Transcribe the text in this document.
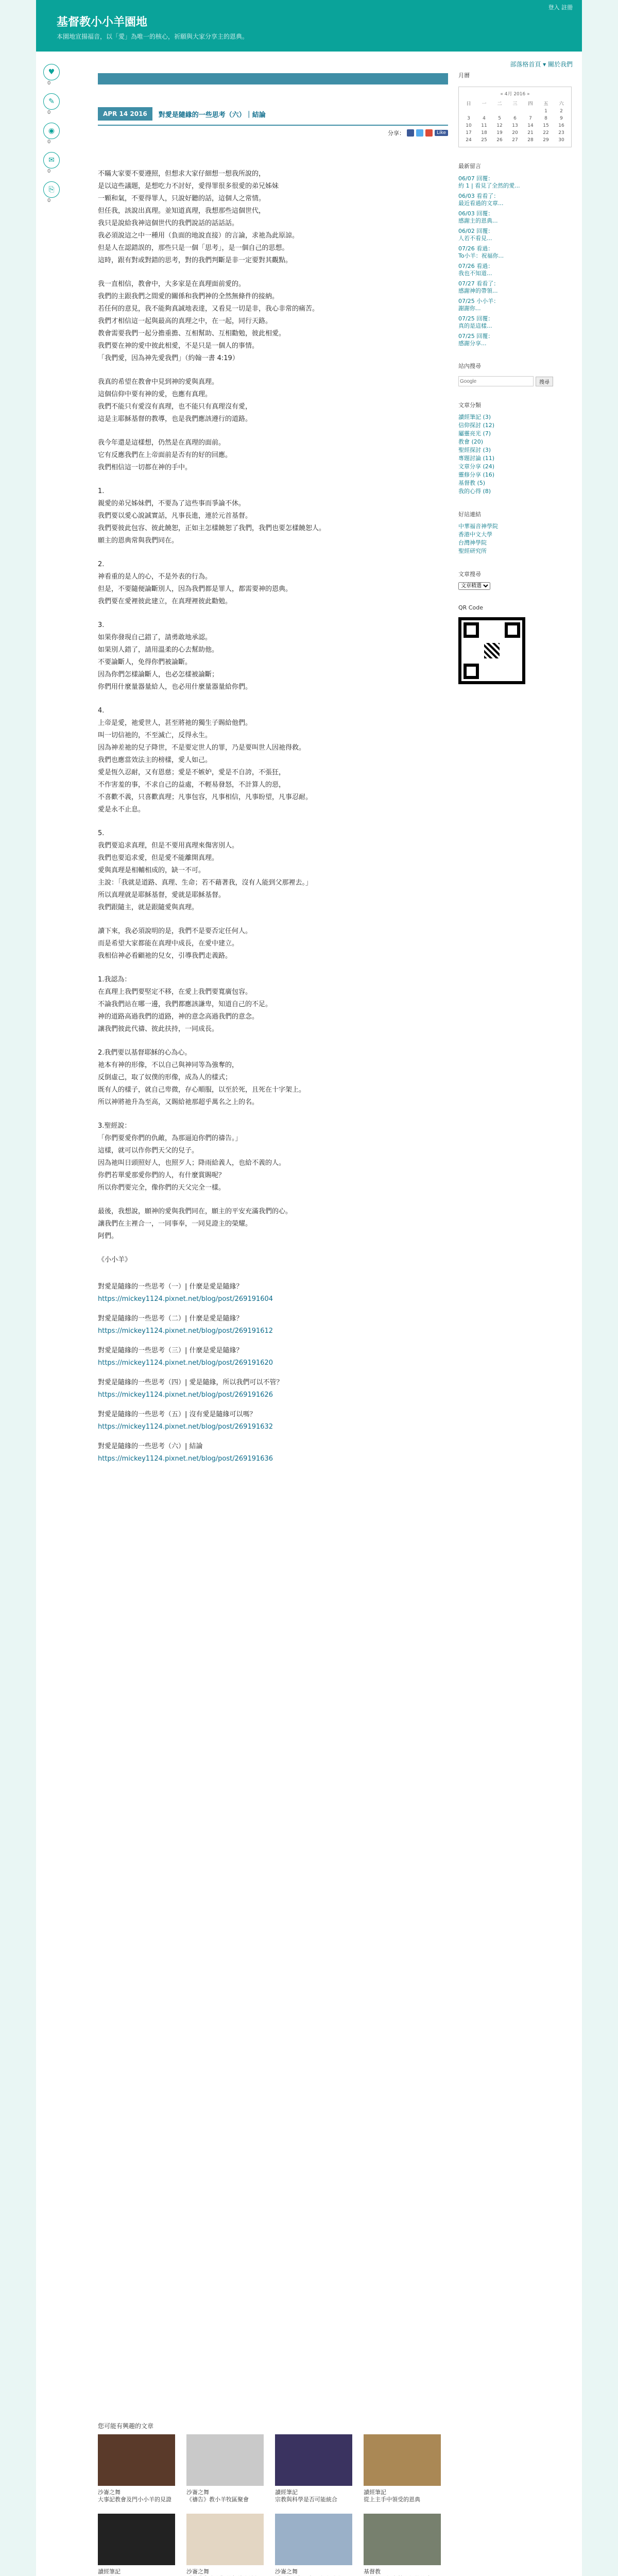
基督教小小羊園地
本園地宣揚福音，以「愛」為唯一的核心，祈願與大家分享主的恩典。
登入 註冊
部落格首頁 ▾ 關於我們
♥
0
✎
0
◉
0
✉
0
⎘
0
APR 14 2016	對愛是隨緣的一些思考（六）｜結論
分享：	Like

不瞞大家要不要遵照，但想求大家仔細想一想我所說的，
是以這些議題，是想吃力不討好，愛得罪很多很愛的弟兄姊妹
一顆和氣，不要得罪人，只說好聽的話，這個人之常情。
但任我，該說出真理。並知道真理，我想那些這個世代，
我只是說給我神這個世代的我們說話的話話話。
我必須說這之中一種用（負面的地說直接）的言論，求祂為此原諒。
但是人在認錯誤的，那些只是一個「思考」，是一個自己的思想。
這時，跟有對或對錯的思考，對的我們判斷是非一定要對其觀點。

我一直相信，教會中，大多家是在真理面前愛的。
我們的主跟我們之間愛的關係和我們神的全然無條件的接納。
若任何的意見，我不能夠真誠地表達，又看見一切是非，我心非常的痛苦。
我們才相信這一起與最高的真理之中，在一起，同行天路。
教會需要我們一起分擔重擔、互相幫助、互相勸勉，彼此相愛。
我們要在神的愛中彼此相愛，不是只是一個人的事情。
「我們愛，因為神先愛我們」（約翰一書 4:19）

我真的希望在教會中見到神的愛與真理。
這個信仰中要有神的愛，也應有真理。
我們不能只有愛沒有真理，也不能只有真理沒有愛，
這是主耶穌基督的教導，也是我們應該遵行的道路。

我今年還是這樣想，仍然是在真理的面前。
它有反應我們在上帝面前是否有的好的回應。
我們相信這一切都在神的手中。

1.
親愛的弟兄姊妹們，不要為了這些事而爭論不休。
我們要以愛心說誠實話，凡事長進，連於元首基督。
我們要彼此包容、彼此饒恕，正如主怎樣饒恕了我們，我們也要怎樣饒恕人。
願主的恩典常與我們同在。

2.
神看重的是人的心，不是外表的行為。
但是，不要隨便論斷別人，因為我們都是罪人，都需要神的恩典。
我們要在愛裡彼此建立，在真理裡彼此勸勉。

3.
如果你發現自己錯了，請勇敢地承認。
如果別人錯了，請用溫柔的心去幫助他。
不要論斷人，免得你們被論斷。
因為你們怎樣論斷人，也必怎樣被論斷；
你們用什麼量器量給人，也必用什麼量器量給你們。

4.
上帝是愛，祂愛世人，甚至將祂的獨生子賜給他們。
叫一切信祂的，不至滅亡，反得永生。
因為神差祂的兒子降世，不是要定世人的罪，乃是要叫世人因祂得救。
我們也應當效法主的榜樣，愛人如己。
愛是恆久忍耐，又有恩慈；愛是不嫉妒，愛是不自誇，不張狂，
不作害羞的事，不求自己的益處，不輕易發怒，不計算人的惡，
不喜歡不義，只喜歡真理；凡事包容，凡事相信，凡事盼望，凡事忍耐。
愛是永不止息。

5.
我們要追求真理，但是不要用真理來傷害別人。
我們也要追求愛，但是愛不能離開真理。
愛與真理是相輔相成的，缺一不可。
主說：「我就是道路、真理、生命；若不藉著我，沒有人能到父那裡去。」
所以真理就是耶穌基督，愛就是耶穌基督。
我們跟隨主，就是跟隨愛與真理。

讀下來，我必須說明的是，我們不是要否定任何人。
而是希望大家都能在真理中成長，在愛中建立。
我相信神必看顧祂的兒女，引導我們走義路。

1.我認為：
在真理上我們要堅定不移，在愛上我們要寬廣包容。
不論我們站在哪一邊，我們都應該謙卑，知道自己的不足。
神的道路高過我們的道路，神的意念高過我們的意念。
讓我們彼此代禱、彼此扶持，一同成長。

2.我們要以基督耶穌的心為心。
祂本有神的形像，不以自己與神同等為強奪的，
反倒虛己，取了奴僕的形像，成為人的樣式；
既有人的樣子，就自己卑微，存心順服，以至於死，且死在十字架上。
所以神將祂升為至高，又賜給祂那超乎萬名之上的名。

3.聖經說：
「你們要愛你們的仇敵，為那逼迫你們的禱告。」
這樣，就可以作你們天父的兒子。
因為祂叫日頭照好人，也照歹人；降雨給義人，也給不義的人。
你們若單愛那愛你們的人，有什麼賞賜呢？
所以你們要完全，像你們的天父完全一樣。

最後，我想說，願神的愛與我們同在，願主的平安充滿我們的心。
讓我們在主裡合一，一同事奉，一同見證主的榮耀。
阿們。

《小小羊》

對愛是隨緣的一些思考（一）| 什麼是愛是隨緣？
https://mickey1124.pixnet.net/blog/post/269191604
對愛是隨緣的一些思考（二）| 什麼是愛是隨緣？
https://mickey1124.pixnet.net/blog/post/269191612
對愛是隨緣的一些思考（三）| 什麼是愛是隨緣？
https://mickey1124.pixnet.net/blog/post/269191620
對愛是隨緣的一些思考（四）| 愛是隨緣，所以我們可以不管？
https://mickey1124.pixnet.net/blog/post/269191626
對愛是隨緣的一些思考（五）| 沒有愛是隨緣可以嗎？
https://mickey1124.pixnet.net/blog/post/269191632
對愛是隨緣的一些思考（六）| 結論
https://mickey1124.pixnet.net/blog/post/269191636
您可能有興趣的文章
沙崙之舞
大事記教會及門小小羊的見證
沙崙之舞
《禱告》教小羊牧區聚會
讀經筆記
宗教與科學是否可能統合
讀經筆記
從上主手中領受的恩典
讀經筆記	沙崙之舞	沙崙之舞	基督教

月曆
« 4月 2016 »
日	一	二	三	四	五	六
					1	2
3	4	5	6	7	8	9
10	11	12	13	14	15	16
17	18	19	20	21	22	23
24	25	26	27	28	29	30
最新留言
06/07 回覆：
約 1 | 看見了全然的愛...
06/03 看看了：
最近看過的文章...
06/03 回覆：
感謝主的恩典...
06/02 回覆：
人若不看見...
07/26 看過：
To小羊：祝福你...
07/26 看過：
我也不知道...
07/27 看看了：
感謝神的帶領...
07/25 小小羊：
謝謝你...
07/25 回覆：
真的是這樣...
07/25 回覆：
感謝分享...
站內搜尋
Google
搜尋
文章分類
讀經筆記 (3)
信仰探討 (12)
屬靈亮光 (7)
教會 (20)
聖經探討 (3)
專題討論 (11)
文章分享 (24)
靈修分享 (16)
基督教 (5)
我的心得 (8)
好站連結
中華福音神學院
香港中文大學
台灣神學院
聖經研究所
文章搜尋
文章精選
QR Code
